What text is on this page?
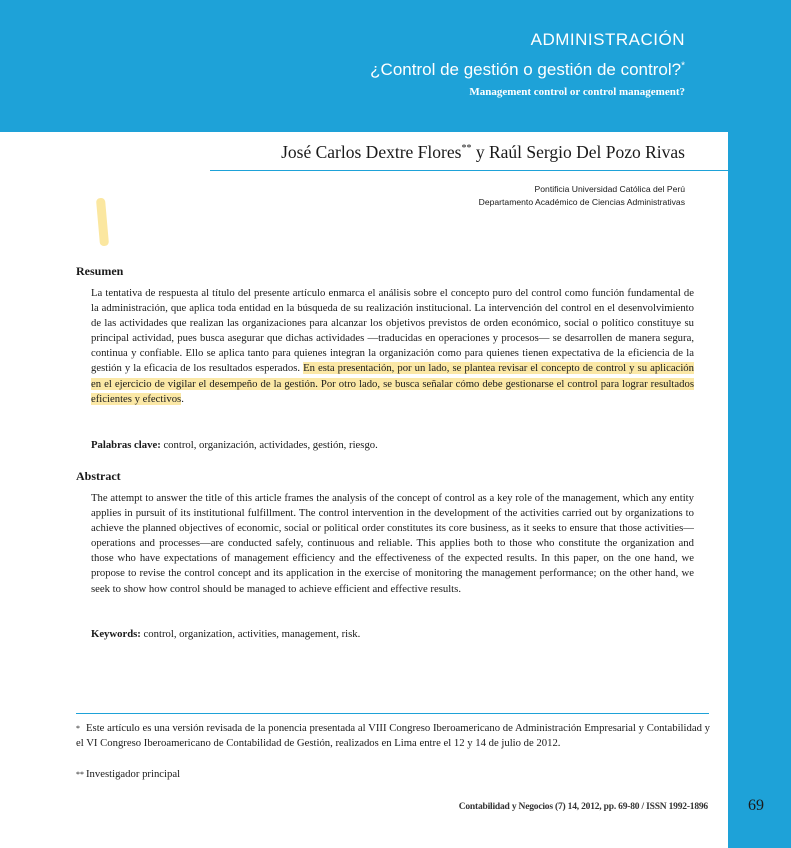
ADMINISTRACIÓN
¿Control de gestión o gestión de control?*
Management control or control management?
José Carlos Dextre Flores** y Raúl Sergio Del Pozo Rivas
Pontificia Universidad Católica del Perú
Departamento Académico de Ciencias Administrativas
Resumen
La tentativa de respuesta al título del presente artículo enmarca el análisis sobre el concepto puro del control como función fundamental de la administración, que aplica toda entidad en la búsqueda de su realización institucional. La intervención del control en el desenvolvimiento de las actividades que realizan las organizaciones para alcanzar los objetivos previstos de orden económico, social o político constituye su principal actividad, pues busca asegurar que dichas actividades —traducidas en operaciones y procesos— se desarrollen de manera segura, continua y confiable. Ello se aplica tanto para quienes integran la organización como para quienes tienen expectativa de la eficiencia de la gestión y la eficacia de los resultados esperados. En esta presentación, por un lado, se plantea revisar el concepto de control y su aplicación en el ejercicio de vigilar el desempeño de la gestión. Por otro lado, se busca señalar cómo debe gestionarse el control para lograr resultados eficientes y efectivos.
Palabras clave: control, organización, actividades, gestión, riesgo.
Abstract
The attempt to answer the title of this article frames the analysis of the concept of control as a key role of the management, which any entity applies in pursuit of its institutional fulfillment. The control intervention in the development of the activities carried out by organizations to achieve the planned objectives of economic, social or political order constitutes its core business, as it seeks to ensure that those activities—operations and processes—are conducted safely, continuous and reliable. This applies both to those who constitute the organization and those who have expectations of management efficiency and the effectiveness of the expected results. In this paper, on the one hand, we propose to revise the control concept and its application in the exercise of monitoring the management performance; on the other hand, we seek to show how control should be managed to achieve efficient and effective results.
Keywords: control, organization, activities, management, risk.
* Este artículo es una versión revisada de la ponencia presentada al VIII Congreso Iberoamericano de Administración Empresarial y Contabilidad y el VI Congreso Iberoamericano de Contabilidad de Gestión, realizados en Lima entre el 12 y 14 de julio de 2012.
** Investigador principal
Contabilidad y Negocios (7) 14, 2012, pp. 69-80 / ISSN 1992-1896	69
